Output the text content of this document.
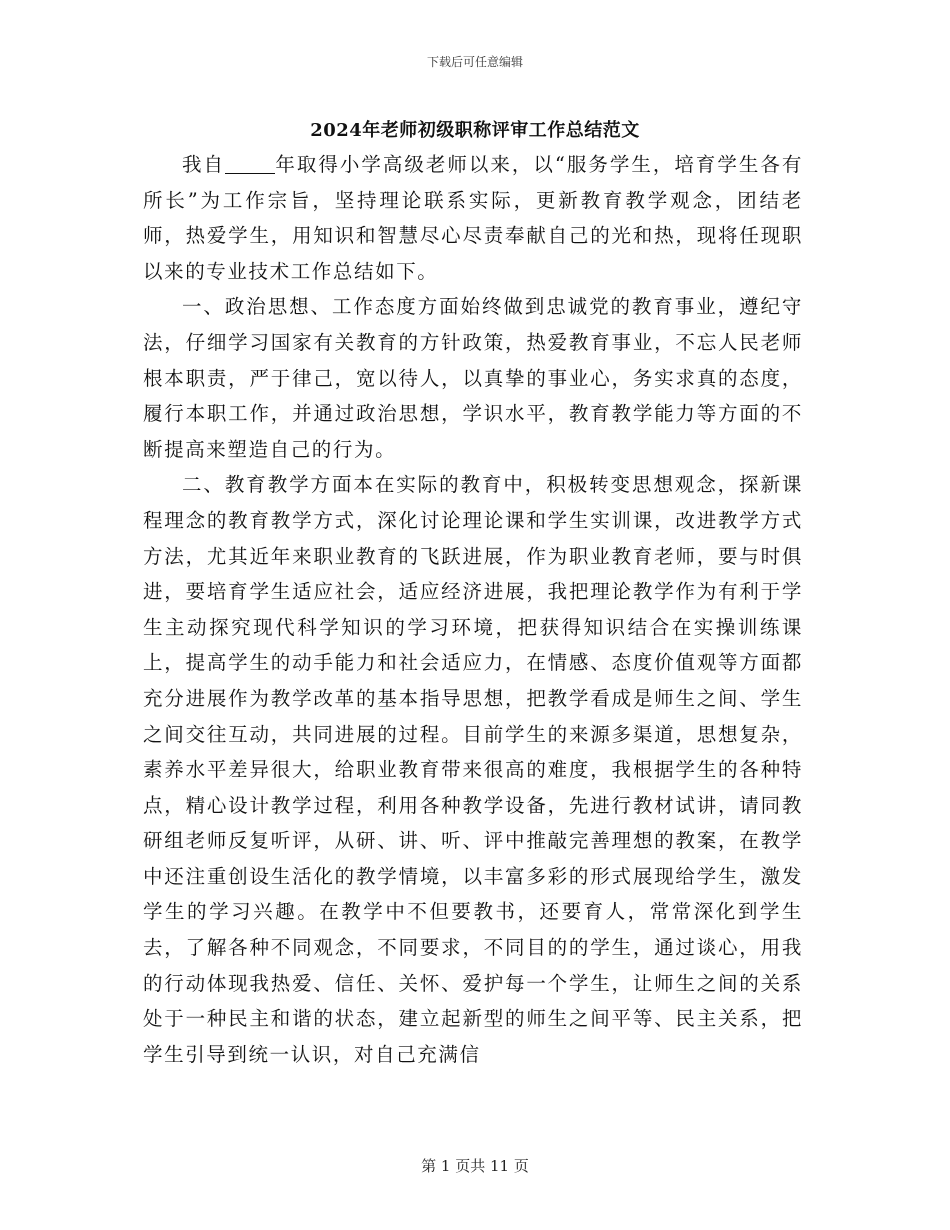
下载后可任意编辑
2024年老师初级职称评审工作总结范文

我自	年取得小学高级老师以来，以“服务学生，培育学生各有所长”为工作宗旨，坚持理论联系实际，更新教育教学观念，团结老师，热爱学生，用知识和智慧尽心尽责奉献自己的光和热，现将任现职以来的专业技术工作总结如下。

一、政治思想、工作态度方面始终做到忠诚党的教育事业，遵纪守法，仔细学习国家有关教育的方针政策，热爱教育事业，不忘人民老师根本职责，严于律己，宽以待人，以真挚的事业心，务实求真的态度，履行本职工作，并通过政治思想，学识水平，教育教学能力等方面的不断提高来塑造自己的行为。

二、教育教学方面本在实际的教育中，积极转变思想观念，探新课程理念的教育教学方式，深化讨论理论课和学生实训课，改进教学方式方法，尤其近年来职业教育的飞跃进展，作为职业教育老师，要与时俱进，要培育学生适应社会，适应经济进展，我把理论教学作为有利于学生主动探究现代科学知识的学习环境，把获得知识结合在实操训练课上，提高学生的动手能力和社会适应力，在情感、态度价值观等方面都充分进展作为教学改革的基本指导思想，把教学看成是师生之间、学生之间交往互动，共同进展的过程。目前学生的来源多渠道，思想复杂，素养水平差异很大，给职业教育带来很高的难度，我根据学生的各种特点，精心设计教学过程，利用各种教学设备，先进行教材试讲，请同教研组老师反复听评，从研、讲、听、评中推敲完善理想的教案，在教学中还注重创设生活化的教学情境，以丰富多彩的形式展现给学生，激发学生的学习兴趣。在教学中不但要教书，还要育人，常常深化到学生去，了解各种不同观念，不同要求，不同目的的学生，通过谈心，用我的行动体现我热爱、信任、关怀、爱护每一个学生，让师生之间的关系处于一种民主和谐的状态，建立起新型的师生之间平等、民主关系，把学生引导到统一认识，对自己充满信

第 1 页共 11 页
